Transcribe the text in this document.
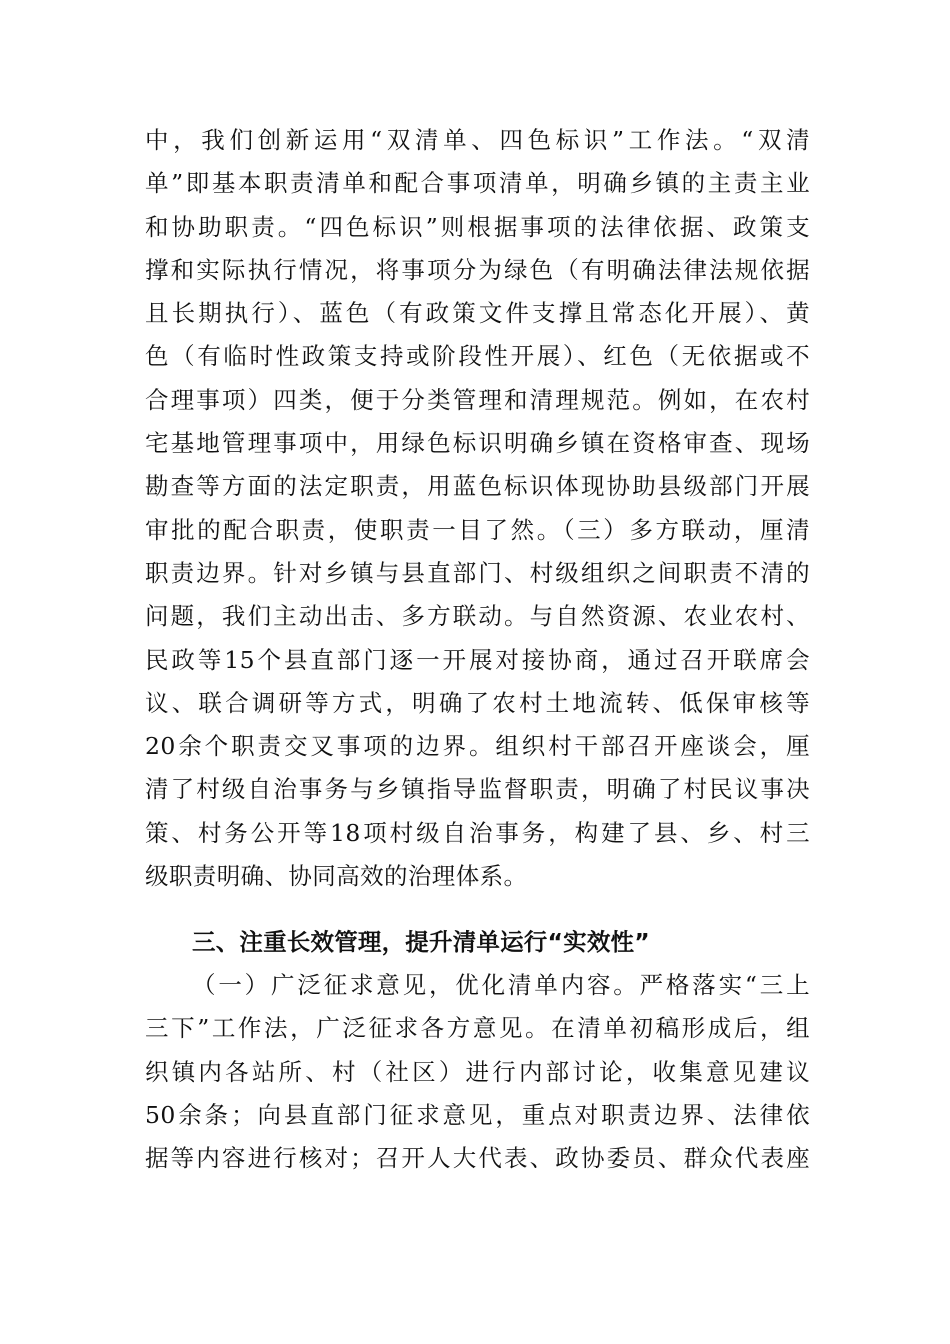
中，我们创新运用“双清单、四色标识”工作法。“双清
单”即基本职责清单和配合事项清单，明确乡镇的主责主业
和协助职责。“四色标识”则根据事项的法律依据、政策支
撑和实际执行情况，将事项分为绿色（有明确法律法规依据
且长期执行）、蓝色（有政策文件支撑且常态化开展）、黄
色（有临时性政策支持或阶段性开展）、红色（无依据或不
合理事项）四类，便于分类管理和清理规范。例如，在农村
宅基地管理事项中，用绿色标识明确乡镇在资格审查、现场
勘查等方面的法定职责，用蓝色标识体现协助县级部门开展
审批的配合职责，使职责一目了然。（三）多方联动，厘清
职责边界。针对乡镇与县直部门、村级组织之间职责不清的
问题，我们主动出击、多方联动。与自然资源、农业农村、
民政等15个县直部门逐一开展对接协商，通过召开联席会
议、联合调研等方式，明确了农村土地流转、低保审核等
20余个职责交叉事项的边界。组织村干部召开座谈会，厘
清了村级自治事务与乡镇指导监督职责，明确了村民议事决
策、村务公开等18项村级自治事务，构建了县、乡、村三
级职责明确、协同高效的治理体系。
三、注重长效管理，提升清单运行“实效性”
（一）广泛征求意见，优化清单内容。严格落实“三上
三下”工作法，广泛征求各方意见。在清单初稿形成后，组
织镇内各站所、村（社区）进行内部讨论，收集意见建议
50余条；向县直部门征求意见，重点对职责边界、法律依
据等内容进行核对；召开人大代表、政协委员、群众代表座
